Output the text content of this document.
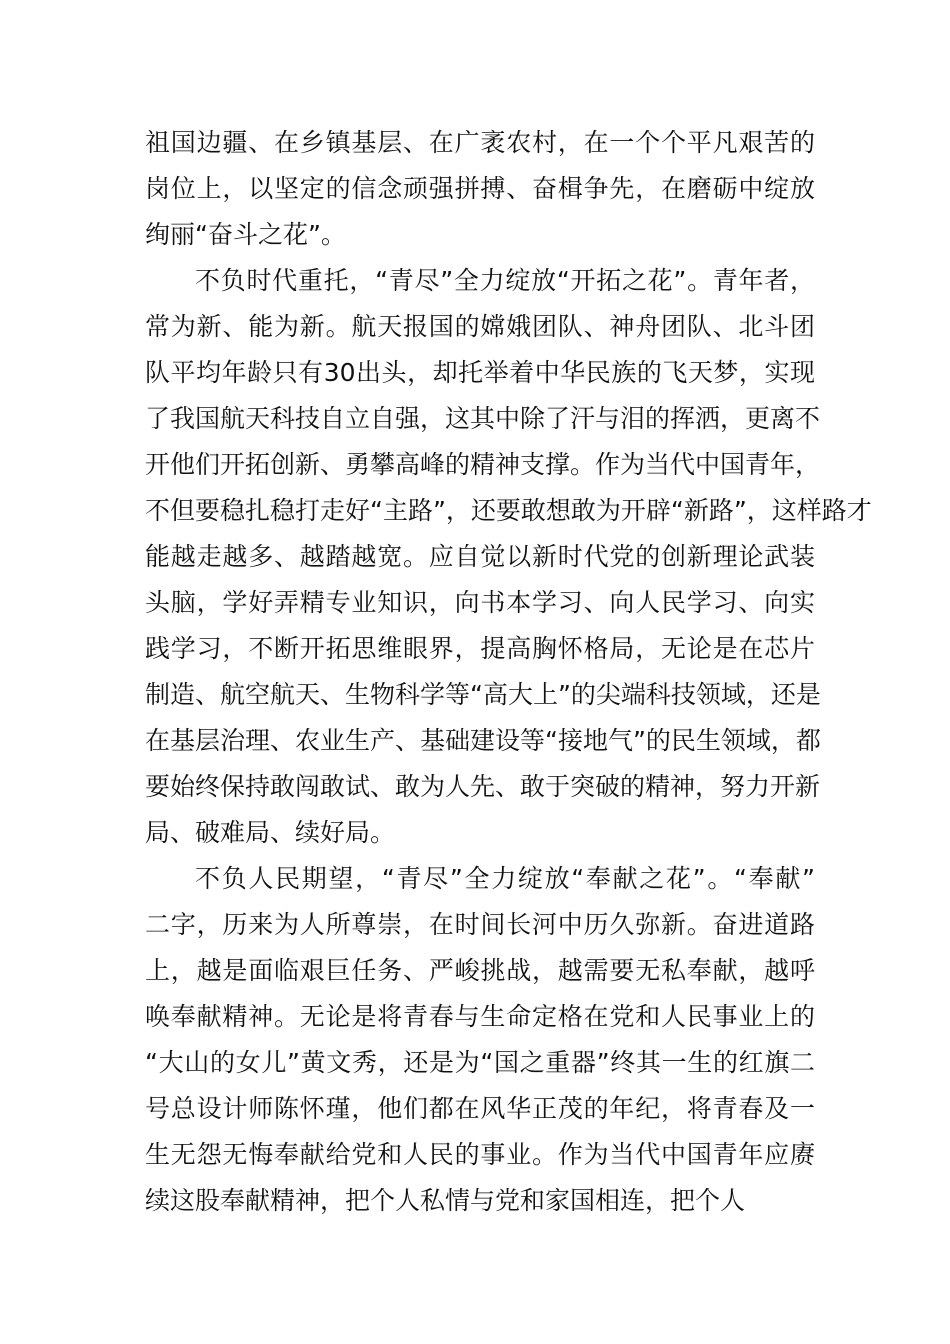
祖国边疆、在乡镇基层、在广袤农村，在一个个平凡艰苦的
岗位上，以坚定的信念顽强拼搏、奋楫争先，在磨砺中绽放
绚丽“奋斗之花”。
不负时代重托，“青尽”全力绽放“开拓之花”。青年者，
常为新、能为新。航天报国的嫦娥团队、神舟团队、北斗团
队平均年龄只有30出头，却托举着中华民族的飞天梦，实现
了我国航天科技自立自强，这其中除了汗与泪的挥洒，更离不
开他们开拓创新、勇攀高峰的精神支撑。作为当代中国青年，
不但要稳扎稳打走好“主路”，还要敢想敢为开辟“新路”，这样路才
能越走越多、越踏越宽。应自觉以新时代党的创新理论武装
头脑，学好弄精专业知识，向书本学习、向人民学习、向实
践学习，不断开拓思维眼界，提高胸怀格局，无论是在芯片
制造、航空航天、生物科学等“高大上”的尖端科技领域，还是
在基层治理、农业生产、基础建设等“接地气”的民生领域，都
要始终保持敢闯敢试、敢为人先、敢于突破的精神，努力开新
局、破难局、续好局。
不负人民期望，“青尽”全力绽放“奉献之花”。“奉献”
二字，历来为人所尊崇，在时间长河中历久弥新。奋进道路
上，越是面临艰巨任务、严峻挑战，越需要无私奉献，越呼
唤奉献精神。无论是将青春与生命定格在党和人民事业上的
“大山的女儿”黄文秀，还是为“国之重器”终其一生的红旗二
号总设计师陈怀瑾，他们都在风华正茂的年纪，将青春及一
生无怨无悔奉献给党和人民的事业。作为当代中国青年应赓
续这股奉献精神，把个人私情与党和家国相连，把个人
